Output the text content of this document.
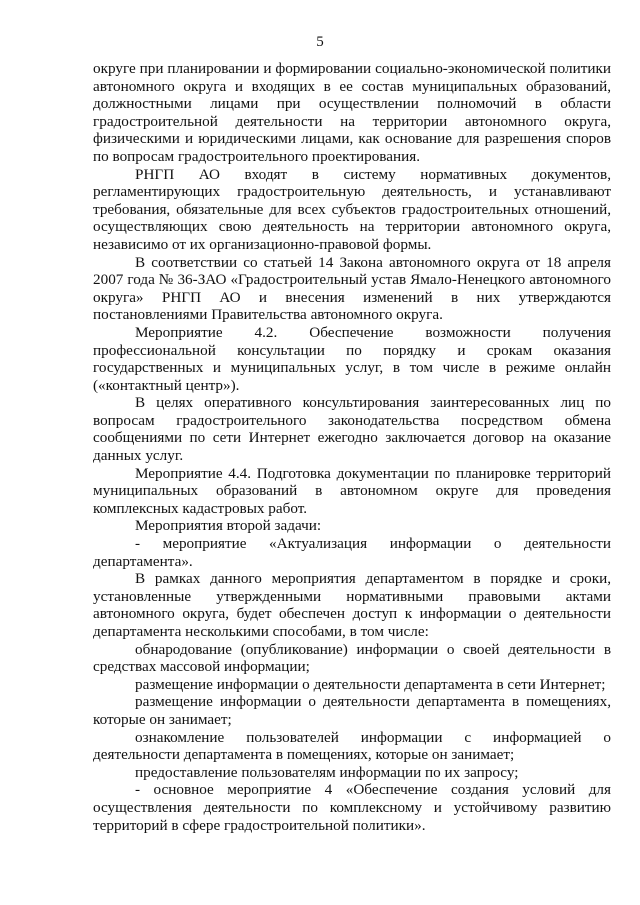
5

округе при планировании и формировании социально-экономической политики автономного округа и входящих в ее состав муниципальных образований, должностными лицами при осуществлении полномочий в области градостроительной деятельности на территории автономного округа, физическими и юридическими лицами, как основание для разрешения споров по вопросам градостроительного проектирования.

РНГП АО входят в систему нормативных документов, регламентирующих градостроительную деятельность, и устанавливают требования, обязательные для всех субъектов градостроительных отношений, осуществляющих свою деятельность на территории автономного округа, независимо от их организационно-правовой формы.

В соответствии со статьей 14 Закона автономного округа от 18 апреля 2007 года № 36-ЗАО «Градостроительный устав Ямало-Ненецкого автономного округа» РНГП АО и внесения изменений в них утверждаются постановлениями Правительства автономного округа.

Мероприятие 4.2. Обеспечение возможности получения профессиональной консультации по порядку и срокам оказания государственных и муниципальных услуг, в том числе в режиме онлайн («контактный центр»).

В целях оперативного консультирования заинтересованных лиц по вопросам градостроительного законодательства посредством обмена сообщениями по сети Интернет ежегодно заключается договор на оказание данных услуг.

Мероприятие 4.4. Подготовка документации по планировке территорий муниципальных образований в автономном округе для проведения комплексных кадастровых работ.

Мероприятия второй задачи:

- мероприятие «Актуализация информации о деятельности департамента».

В рамках данного мероприятия департаментом в порядке и сроки, установленные утвержденными нормативными правовыми актами автономного округа, будет обеспечен доступ к информации о деятельности департамента несколькими способами, в том числе:

обнародование (опубликование) информации о своей деятельности в средствах массовой информации;

размещение информации о деятельности департамента в сети Интернет;

размещение информации о деятельности департамента в помещениях, которые он занимает;

ознакомление пользователей информации с информацией о деятельности департамента в помещениях, которые он занимает;

предоставление пользователям информации по их запросу;

- основное мероприятие 4 «Обеспечение создания условий для осуществления деятельности по комплексному и устойчивому развитию территорий в сфере градостроительной политики».
